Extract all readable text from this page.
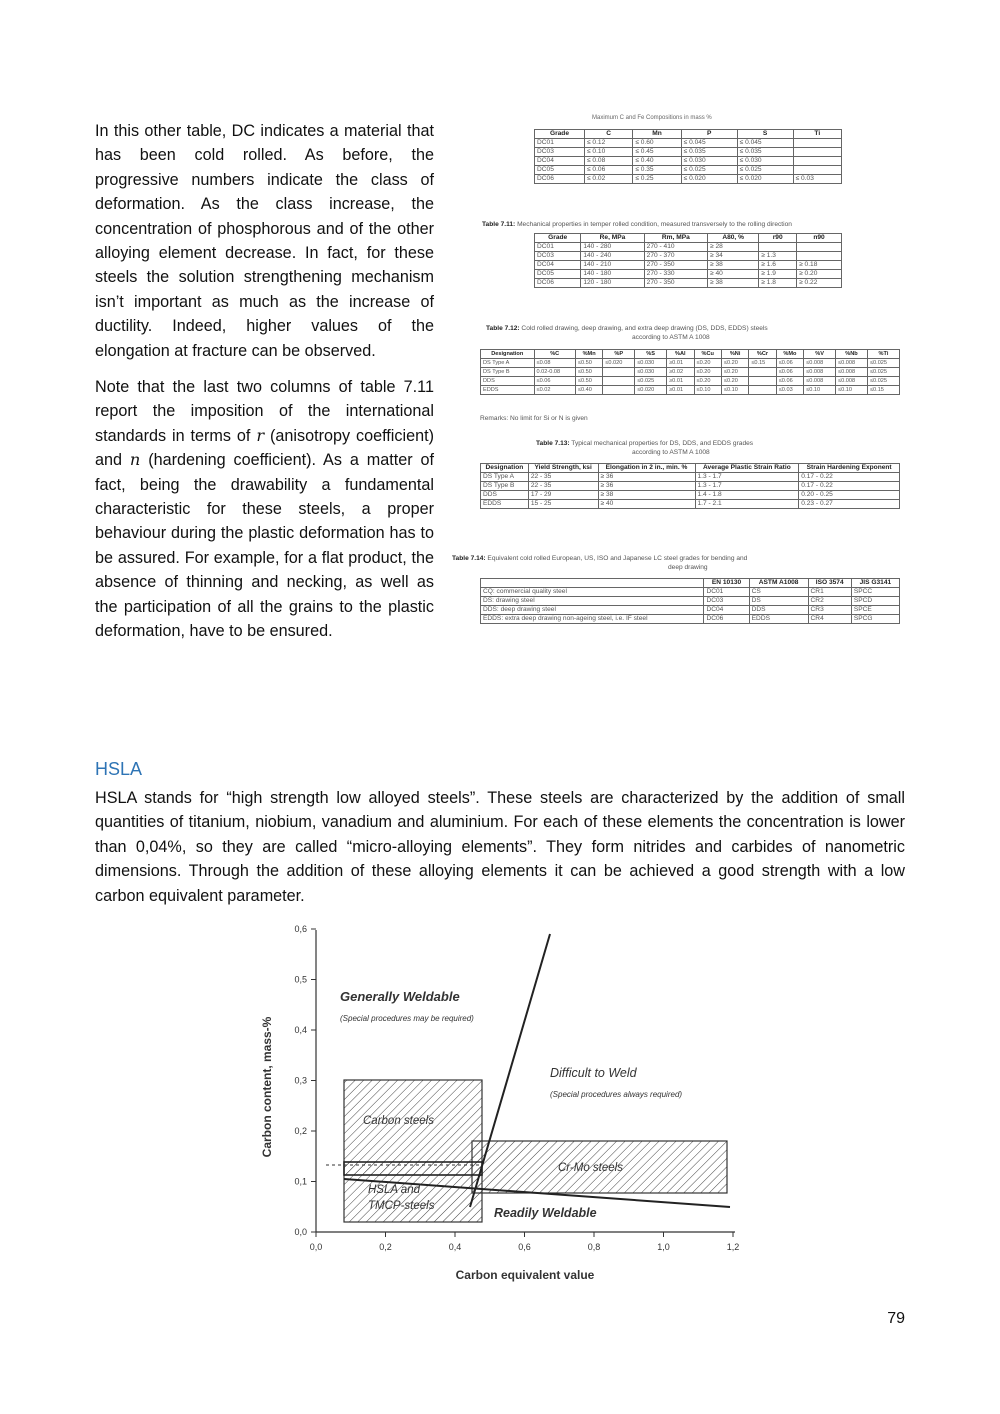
In this other table, DC indicates a material that has been cold rolled. As before, the progressive numbers indicate the class of deformation. As the class increase, the concentration of phosphorous and of the other alloying element decrease. In fact, for these steels the solution strengthening mechanism isn’t important as much as the increase of ductility. Indeed, higher values of the elongation at fracture can be observed.

Note that the last two columns of table 7.11 report the imposition of the international standards in terms of r (anisotropy coefficient) and n (hardening coefficient). As a matter of fact, being the drawability a fundamental characteristic for these steels, a proper behaviour during the plastic deformation has to be assured. For example, for a flat product, the absence of thinning and necking, as well as the participation of all the grains to the plastic deformation, have to be ensured.

Maximum C and Fe Compositions in mass %
Grade	C	Mn	P	S	Ti
DC01	≤ 0.12	≤ 0.60	≤ 0.045	≤ 0.045	
DC03	≤ 0.10	≤ 0.45	≤ 0.035	≤ 0.035	
DC04	≤ 0.08	≤ 0.40	≤ 0.030	≤ 0.030	
DC05	≤ 0.06	≤ 0.35	≤ 0.025	≤ 0.025	
DC06	≤ 0.02	≤ 0.25	≤ 0.020	≤ 0.020	≤ 0.03
Table 7.11: Mechanical properties in temper rolled condition, measured transversely to the rolling direction
Grade	Re, MPa	Rm, MPa	A80, %	r90	n90
DC01	140 - 280	270 - 410	≥ 28		
DC03	140 - 240	270 - 370	≥ 34	≥ 1.3	
DC04	140 - 210	270 - 350	≥ 38	≥ 1.6	≥ 0.18
DC05	140 - 180	270 - 330	≥ 40	≥ 1.9	≥ 0.20
DC06	120 - 180	270 - 350	≥ 38	≥ 1.8	≥ 0.22
Table 7.12: Cold rolled drawing, deep drawing, and extra deep drawing (DS, DDS, EDDS) steels
according to ASTM A 1008
Designation	%C	%Mn	%P	%S	%Al	%Cu	%Ni	%Cr	%Mo	%V	%Nb	%Ti
DS Type A	≤0.08	≤0.50	≤0.020	≤0.030	≥0.01	≤0.20	≤0.20	≤0.15	≤0.06	≤0.008	≤0.008	≤0.025
DS Type B	0.02-0.08	≤0.50		≤0.030	≥0.02	≤0.20	≤0.20		≤0.06	≤0.008	≤0.008	≤0.025
DDS	≤0.06	≤0.50		≤0.025	≥0.01	≤0.20	≤0.20		≤0.06	≤0.008	≤0.008	≤0.025
EDDS	≤0.02	≤0.40		≤0.020	≥0.01	≤0.10	≤0.10		≤0.03	≤0.10	≤0.10	≤0.15
Remarks: No limit for Si or N is given
Table 7.13: Typical mechanical properties for DS, DDS, and EDDS grades
according to ASTM A 1008
Designation	Yield Strength, ksi	Elongation in 2 in., min. %	Average Plastic Strain Ratio	Strain Hardening Exponent
DS Type A	22 - 35	≥ 36	1.3 - 1.7	0.17 - 0.22
DS Type B	22 - 35	≥ 36	1.3 - 1.7	0.17 - 0.22
DDS	17 - 29	≥ 38	1.4 - 1.8	0.20 - 0.25
EDDS	15 - 25	≥ 40	1.7 - 2.1	0.23 - 0.27
Table 7.14: Equivalent cold rolled European, US, ISO and Japanese LC steel grades for bending and
deep drawing
	EN 10130	ASTM A1008	ISO 3574	JIS G3141
CQ: commercial quality steel	DC01	CS	CR1	SPCC
DS: drawing steel	DC03	DS	CR2	SPCD
DDS: deep drawing steel	DC04	DDS	CR3	SPCE
EDDS: extra deep drawing non-ageing steel, i.e. IF steel	DC06	EDDS	CR4	SPCG
HSLA

HSLA stands for “high strength low alloyed steels”. These steels are characterized by the addition of small quantities of titanium, niobium, vanadium and aluminium. For each of these elements the concentration is lower than 0,04%, so they are called “micro-alloying elements”. They form nitrides and carbides of nanometric dimensions. Through the addition of these alloying elements it can be achieved a good strength with a low carbon equivalent parameter.

0,0
0,1
0,2
0,3
0,4
0,5
0,6
0,0	0,2	0,4	0,6	0,8	1,0	1,2
Generally Weldable
(Special procedures may be required)
Difficult to Weld
(Special procedures always required)
Readily Weldable
Carbon steels
Cr-Mo steels
HSLA and
TMCP-steels
Carbon content, mass-%
Carbon equivalent value
79
